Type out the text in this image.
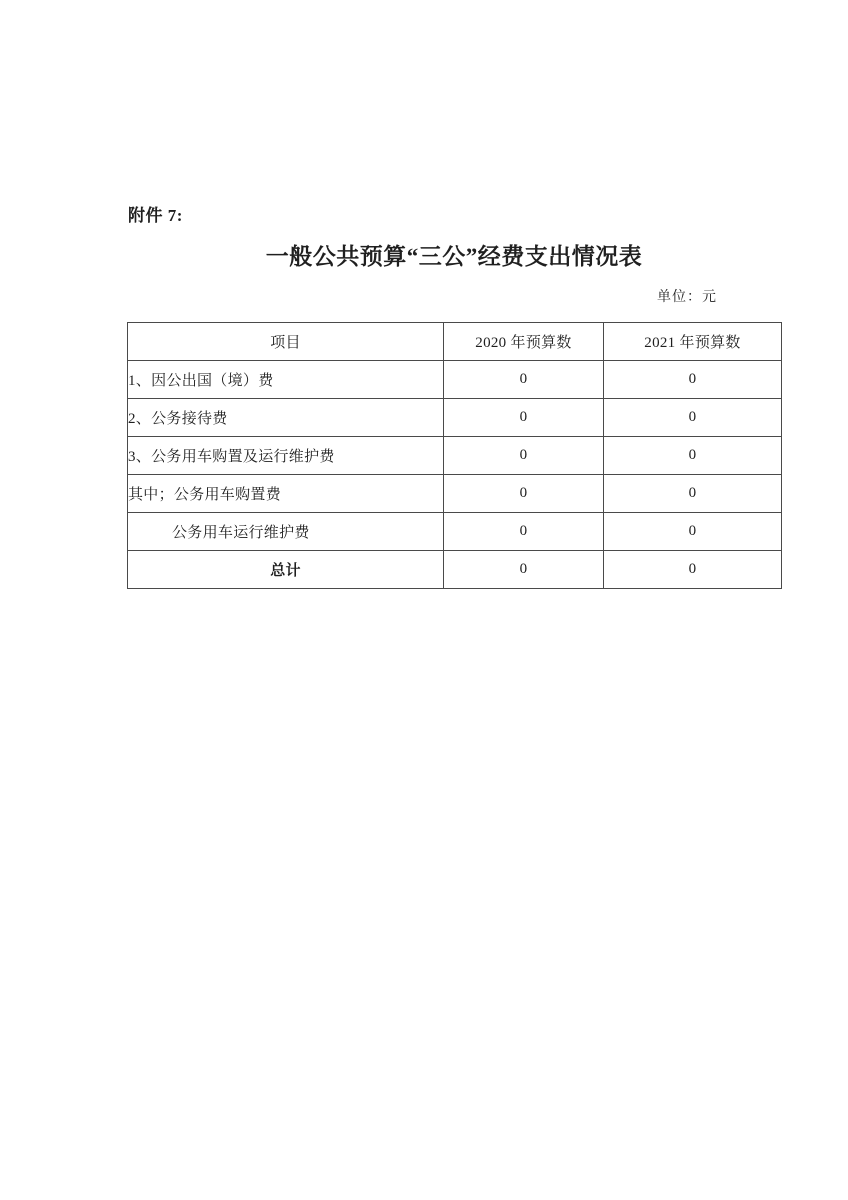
附件 7:
一般公共预算“三公”经费支出情况表
单位：元
项目	2020 年预算数	2021 年预算数
1、因公出国（境）费	0	0
2、公务接待费	0	0
3、公务用车购置及运行维护费	0	0
其中；公务用车购置费	0	0
公务用车运行维护费	0	0
总计	0	0
